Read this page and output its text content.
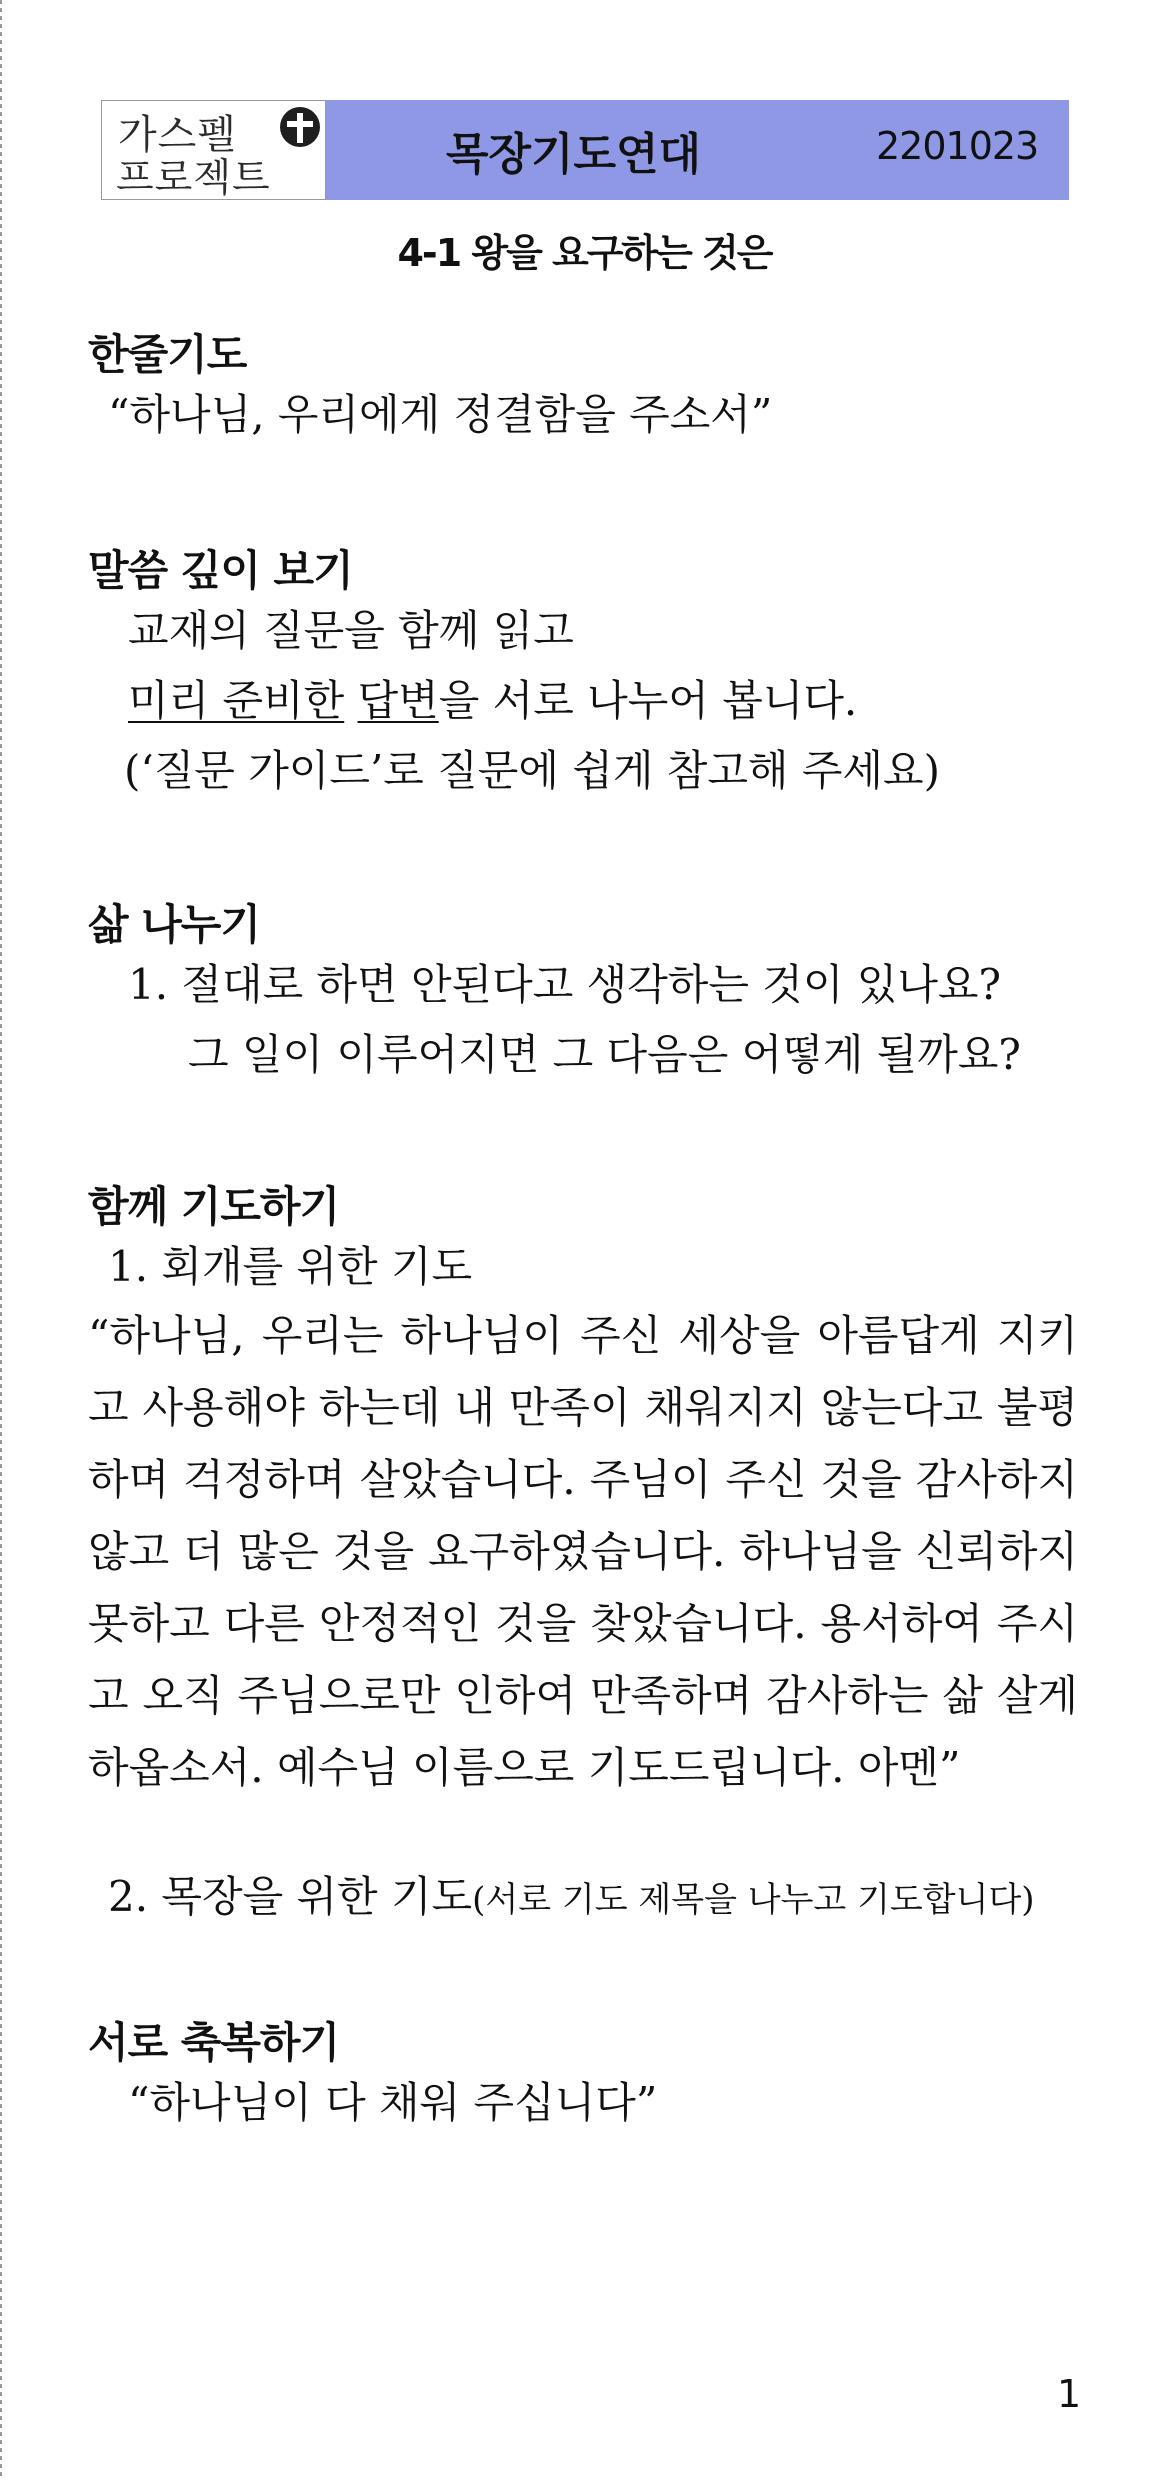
가스펠
프로젝트	목장기도연대	2201023
4-1 왕을 요구하는 것은
한줄기도
“하나님, 우리에게 정결함을 주소서”
말씀 깊이 보기
교재의 질문을 함께 읽고
미리 준비한 답변을 서로 나누어 봅니다.
(‘질문 가이드’로 질문에 쉽게 참고해 주세요)
삶 나누기
1. 절대로 하면 안된다고 생각하는 것이 있나요?
그 일이 이루어지면 그 다음은 어떻게 될까요?
함께 기도하기
1. 회개를 위한 기도
“하나님, 우리는 하나님이 주신 세상을 아름답게 지키고 사용해야 하는데 내 만족이 채워지지 않는다고 불평하며 걱정하며 살았습니다. 주님이 주신 것을 감사하지 않고 더 많은 것을 요구하였습니다. 하나님을 신뢰하지 못하고 다른 안정적인 것을 찾았습니다. 용서하여 주시고 오직 주님으로만 인하여 만족하며 감사하는 삶 살게 하옵소서. 예수님 이름으로 기도드립니다. 아멘”
2. 목장을 위한 기도(서로 기도 제목을 나누고 기도합니다)
서로 축복하기
“하나님이 다 채워 주십니다”
1
